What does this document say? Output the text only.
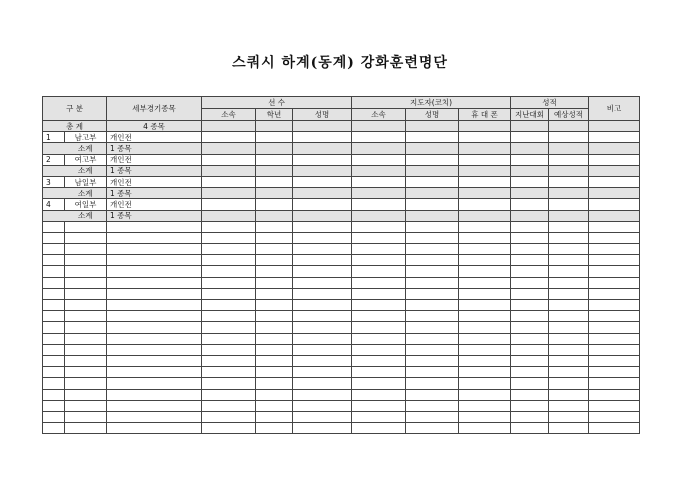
스쿼시 하계(동계) 강화훈련명단
구 분		세부경기종목	선 수			지도자(코치)			성적		비고
			소속	학년	성명	소속	성명	휴 대 폰	지난대회	예상성적	
총 계		4 종목									
1	남고부	개인전									
	소계	1 종목									
2	여고부	개인전									
	소계	1 종목									
3	남일부	개인전									
	소계	1 종목									
4	여일부	개인전									
	소계	1 종목									
